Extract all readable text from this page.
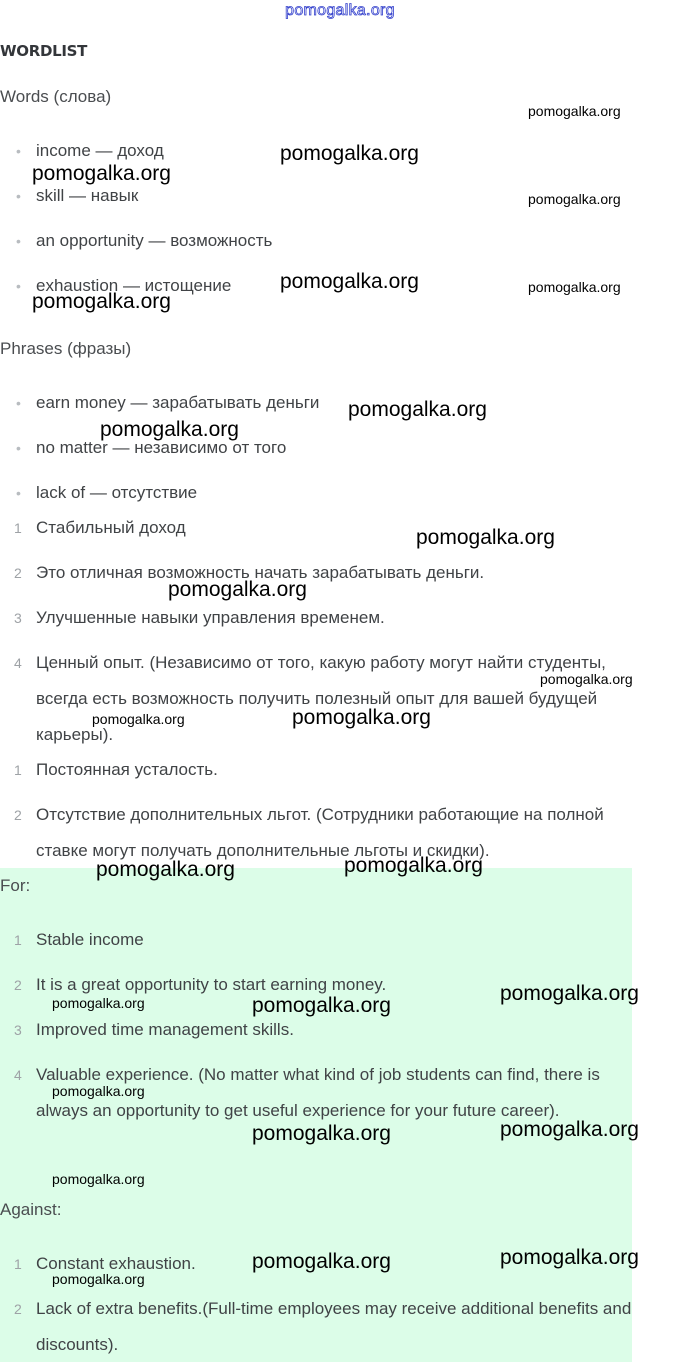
pomogalka.org
WORDLIST
Words (слова)
• income — доход
• skill — навык
• an opportunity — возможность
• exhaustion — истощение
Phrases (фразы)
• earn money — зарабатывать деньги
• no matter — независимо от того
• lack of — отсутствие
1 Стабильный доход
2 Это отличная возможность начать зарабатывать деньги.
3 Улучшенные навыки управления временем.
4 Ценный опыт. (Независимо от того, какую работу могут найти студенты, всегда есть возможность получить полезный опыт для вашей будущей карьеры).
1 Постоянная усталость.
2 Отсутствие дополнительных льгот. (Сотрудники работающие на полной ставке могут получать дополнительные льготы и скидки).
For:
1 Stable income
2 It is a great opportunity to start earning money.
3 Improved time management skills.
4 Valuable experience. (No matter what kind of job students can find, there is always an opportunity to get useful experience for your future career).
Against:
1 Constant exhaustion.
2 Lack of extra benefits.(Full-time employees may receive additional benefits and discounts).
pomogalka.org
pomogalka.org
pomogalka.org
pomogalka.org
pomogalka.org	pomogalka.org
pomogalka.org
pomogalka.org
pomogalka.org
pomogalka.org
pomogalka.org
pomogalka.org
pomogalka.org	pomogalka.org
pomogalka.org
pomogalka.org
pomogalka.org
pomogalka.org	pomogalka.org
pomogalka.org
pomogalka.org
pomogalka.org
pomogalka.org
pomogalka.org
pomogalka.org
pomogalka.org
